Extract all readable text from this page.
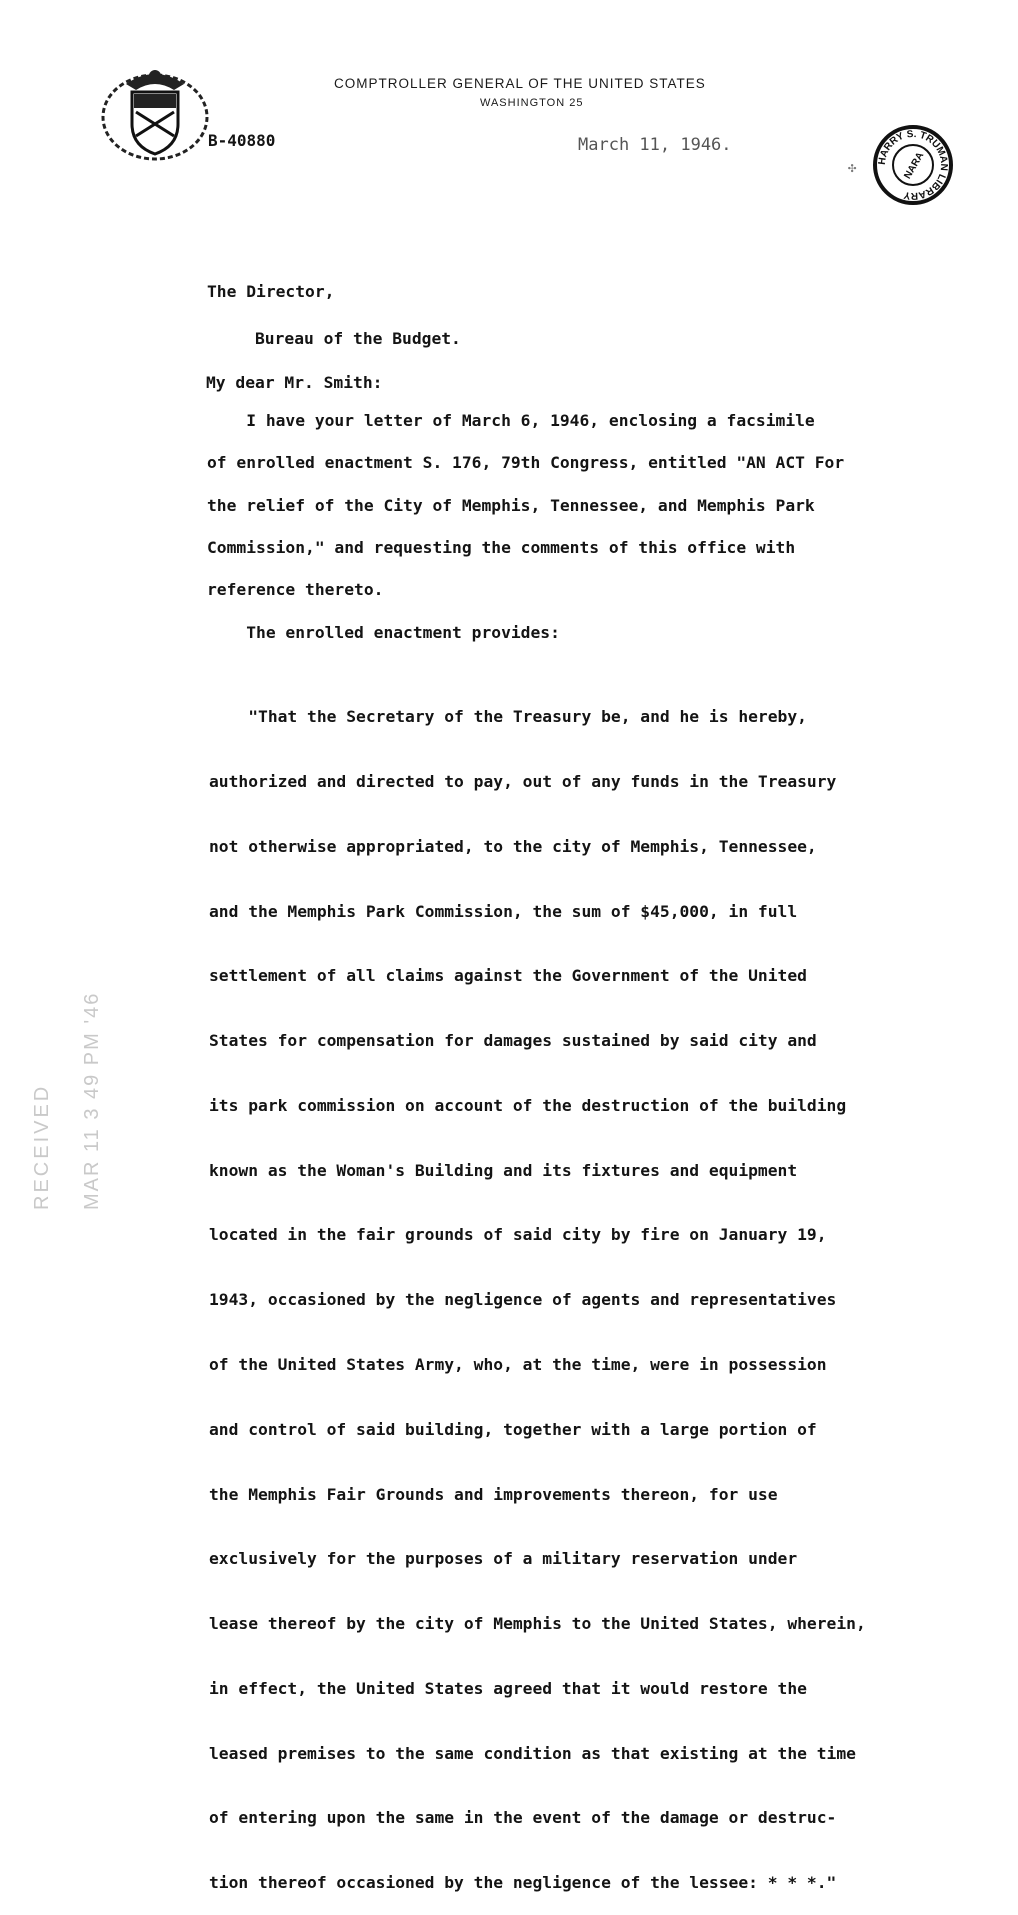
COMPTROLLER GENERAL OF THE UNITED STATES
WASHINGTON 25
B-40880	March 11, 1946.
✣ HARRY S. TRUMAN LIBRARY
NARA
The Director,
Bureau of the Budget.
My dear Mr. Smith:
I have your letter of March 6, 1946, enclosing a facsimile
of enrolled enactment S. 176, 79th Congress, entitled "AN ACT For
the relief of the City of Memphis, Tennessee, and Memphis Park
Commission," and requesting the comments of this office with
reference thereto.
The enrolled enactment provides:

"That the Secretary of the Treasury be, and he is hereby,

authorized and directed to pay, out of any funds in the Treasury

not otherwise appropriated, to the city of Memphis, Tennessee,

and the Memphis Park Commission, the sum of $45,000, in full

settlement of all claims against the Government of the United

States for compensation for damages sustained by said city and

its park commission on account of the destruction of the building

known as the Woman's Building and its fixtures and equipment

located in the fair grounds of said city by fire on January 19,

1943, occasioned by the negligence of agents and representatives

of the United States Army, who, at the time, were in possession

and control of said building, together with a large portion of

the Memphis Fair Grounds and improvements thereon, for use

exclusively for the purposes of a military reservation under

lease thereof by the city of Memphis to the United States, wherein,

in effect, the United States agreed that it would restore the

leased premises to the same condition as that existing at the time

of entering upon the same in the event of the damage or destruc-

tion thereof occasioned by the negligence of the lessee: * * *."

RECEIVED MAR 11 3 49 PM '46
